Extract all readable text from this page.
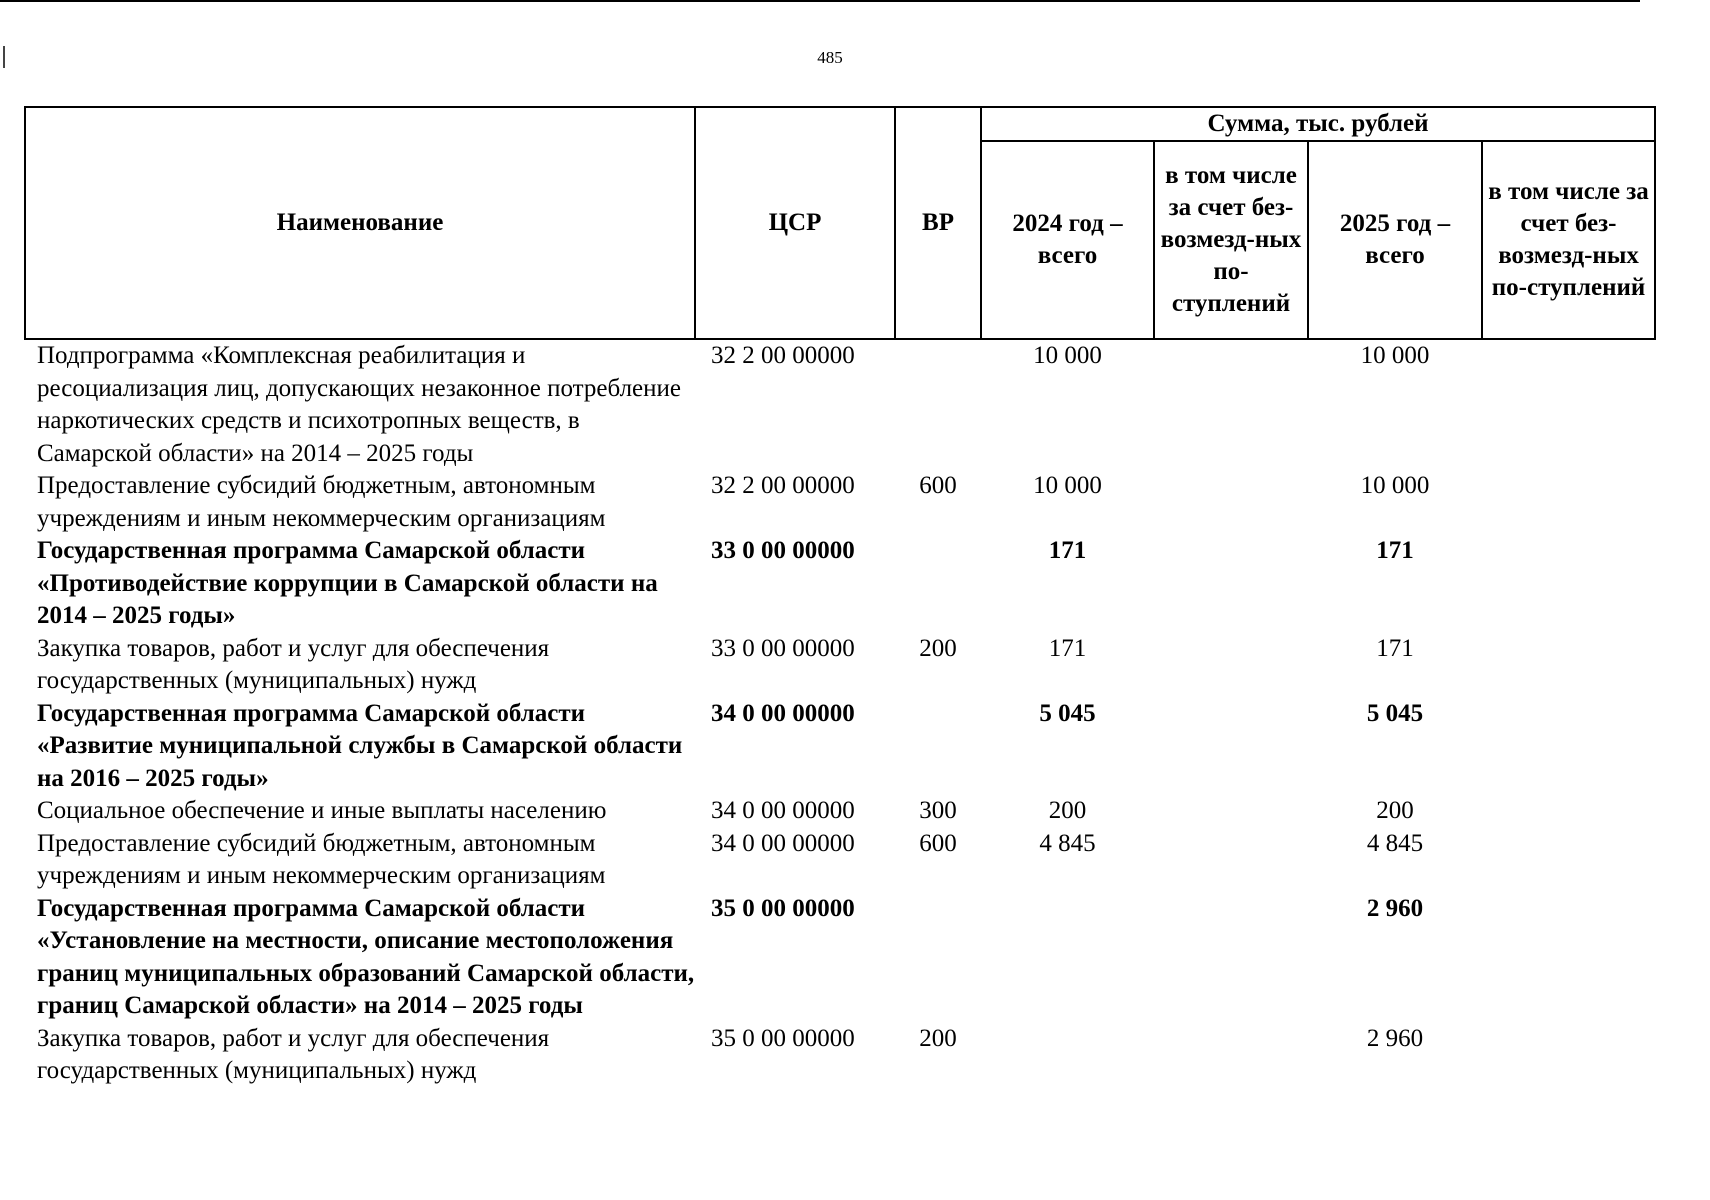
485
Наименование	ЦСР	ВР	Сумма, тыс. рублей			
			2024 год – всего	в том числе за счет без-возмезд-ных по-ступлений	2025 год – всего	в том числе за счет без-возмезд-ных по-ступлений
Подпрограмма «Комплексная реабилитация и ресоциализация лиц, допускающих незаконное потребление наркотических средств и психотропных веществ, в Самарской области» на 2014 – 2025 годы	32 2 00 00000		10 000		10 000	
Предоставление субсидий бюджетным, автономным учреждениям и иным некоммерческим организациям	32 2 00 00000	600	10 000		10 000	
Государственная программа Самарской области «Противодействие коррупции в Самарской области на 2014 – 2025 годы»	33 0 00 00000		171		171	
Закупка товаров, работ и услуг для обеспечения государственных (муниципальных) нужд	33 0 00 00000	200	171		171	
Государственная программа Самарской области «Развитие муниципальной службы в Самарской области на 2016 – 2025 годы»	34 0 00 00000		5 045		5 045	
Социальное обеспечение и иные выплаты населению	34 0 00 00000	300	200		200	
Предоставление субсидий бюджетным, автономным учреждениям и иным некоммерческим организациям	34 0 00 00000	600	4 845		4 845	
Государственная программа Самарской области «Установление на местности, описание местоположения границ муниципальных образований Самарской области, границ Самарской области» на 2014 – 2025 годы	35 0 00 00000				2 960	
Закупка товаров, работ и услуг для обеспечения государственных (муниципальных) нужд	35 0 00 00000	200			2 960	
